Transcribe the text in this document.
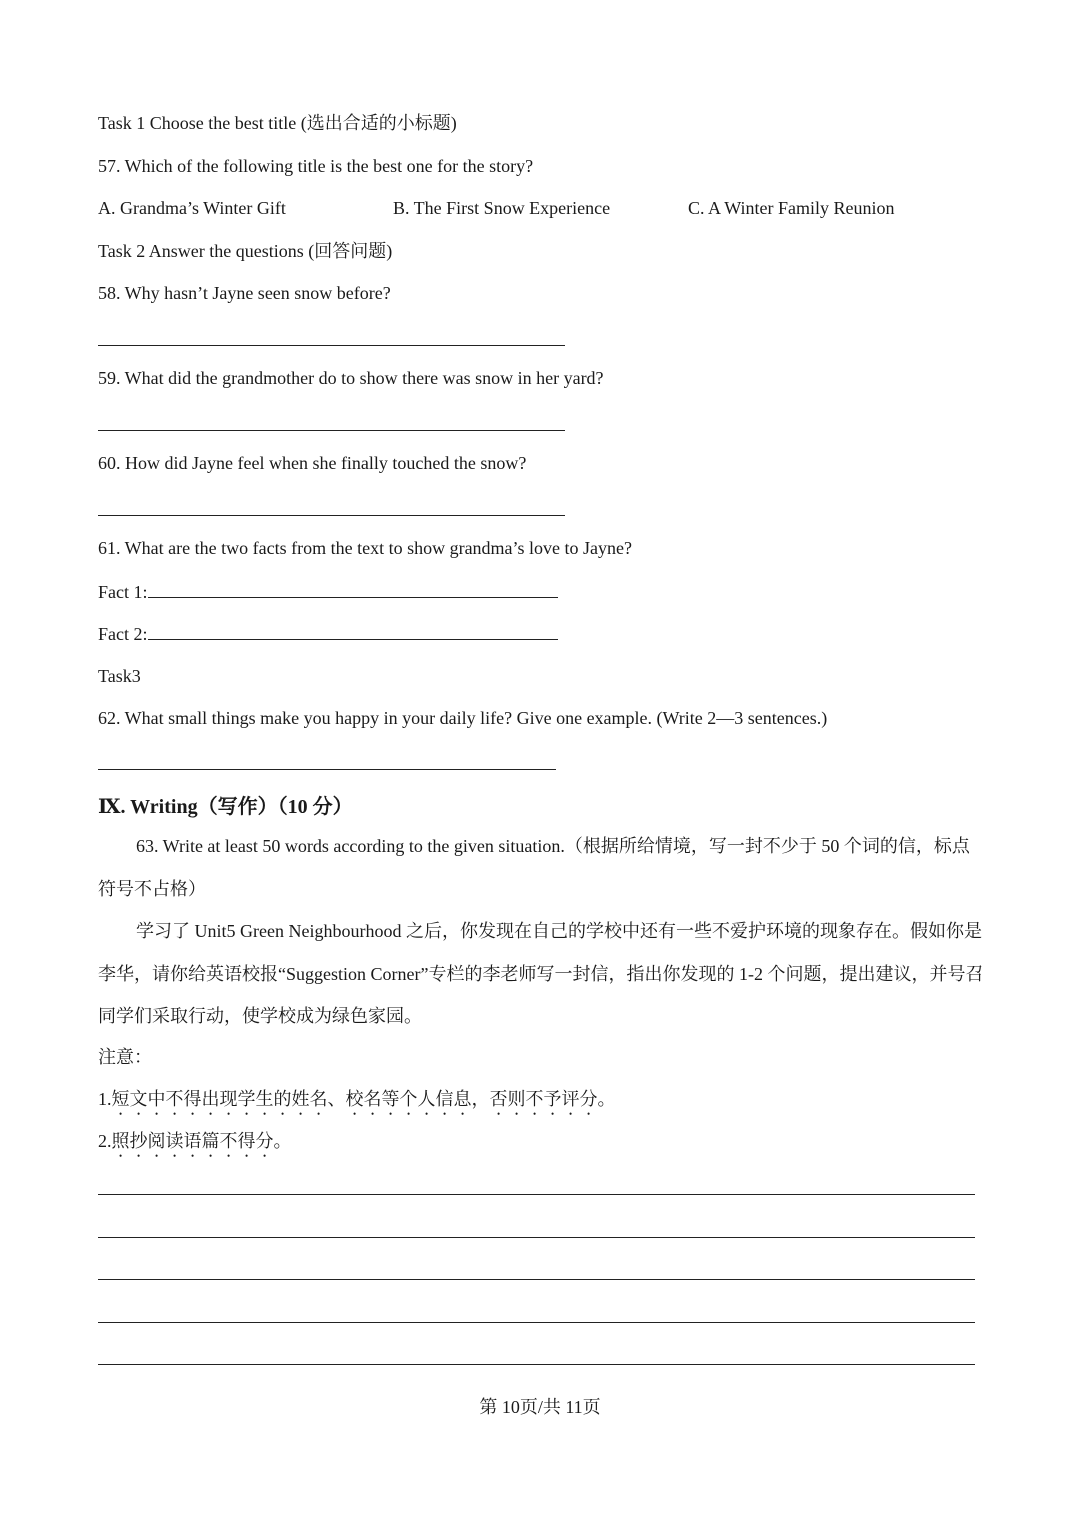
Task 1 Choose the best title (选出合适的小标题)
57. Which of the following title is the best one for the story?
A. Grandma’s Winter Gift	B. The First Snow Experience	C. A Winter Family Reunion
Task 2 Answer the questions (回答问题)
58. Why hasn’t Jayne seen snow before?
59. What did the grandmother do to show there was snow in her yard?
60. How did Jayne feel when she finally touched the snow?
61. What are the two facts from the text to show grandma’s love to Jayne?
Fact 1:
Fact 2:
Task3
62. What small things make you happy in your daily life? Give one example. (Write 2—3 sentences.)
Ⅸ. Writing（写作）（10 分）
63. Write at least 50 words according to the given situation.（根据所给情境，写一封不少于 50 个词的信，标点符号不占格）
学习了 Unit5 Green Neighbourhood 之后，你发现在自己的学校中还有一些不爱护环境的现象存在。假如你是李华，请你给英语校报“Suggestion Corner”专栏的李老师写一封信，指出你发现的 1-2 个问题，提出建议，并号召同学们采取行动，使学校成为绿色家园。
注意：
1.短文中不得出现学生的姓名、校名等个人信息，否则不予评分。
2.照抄阅读语篇不得分。
第 10页/共 11页
